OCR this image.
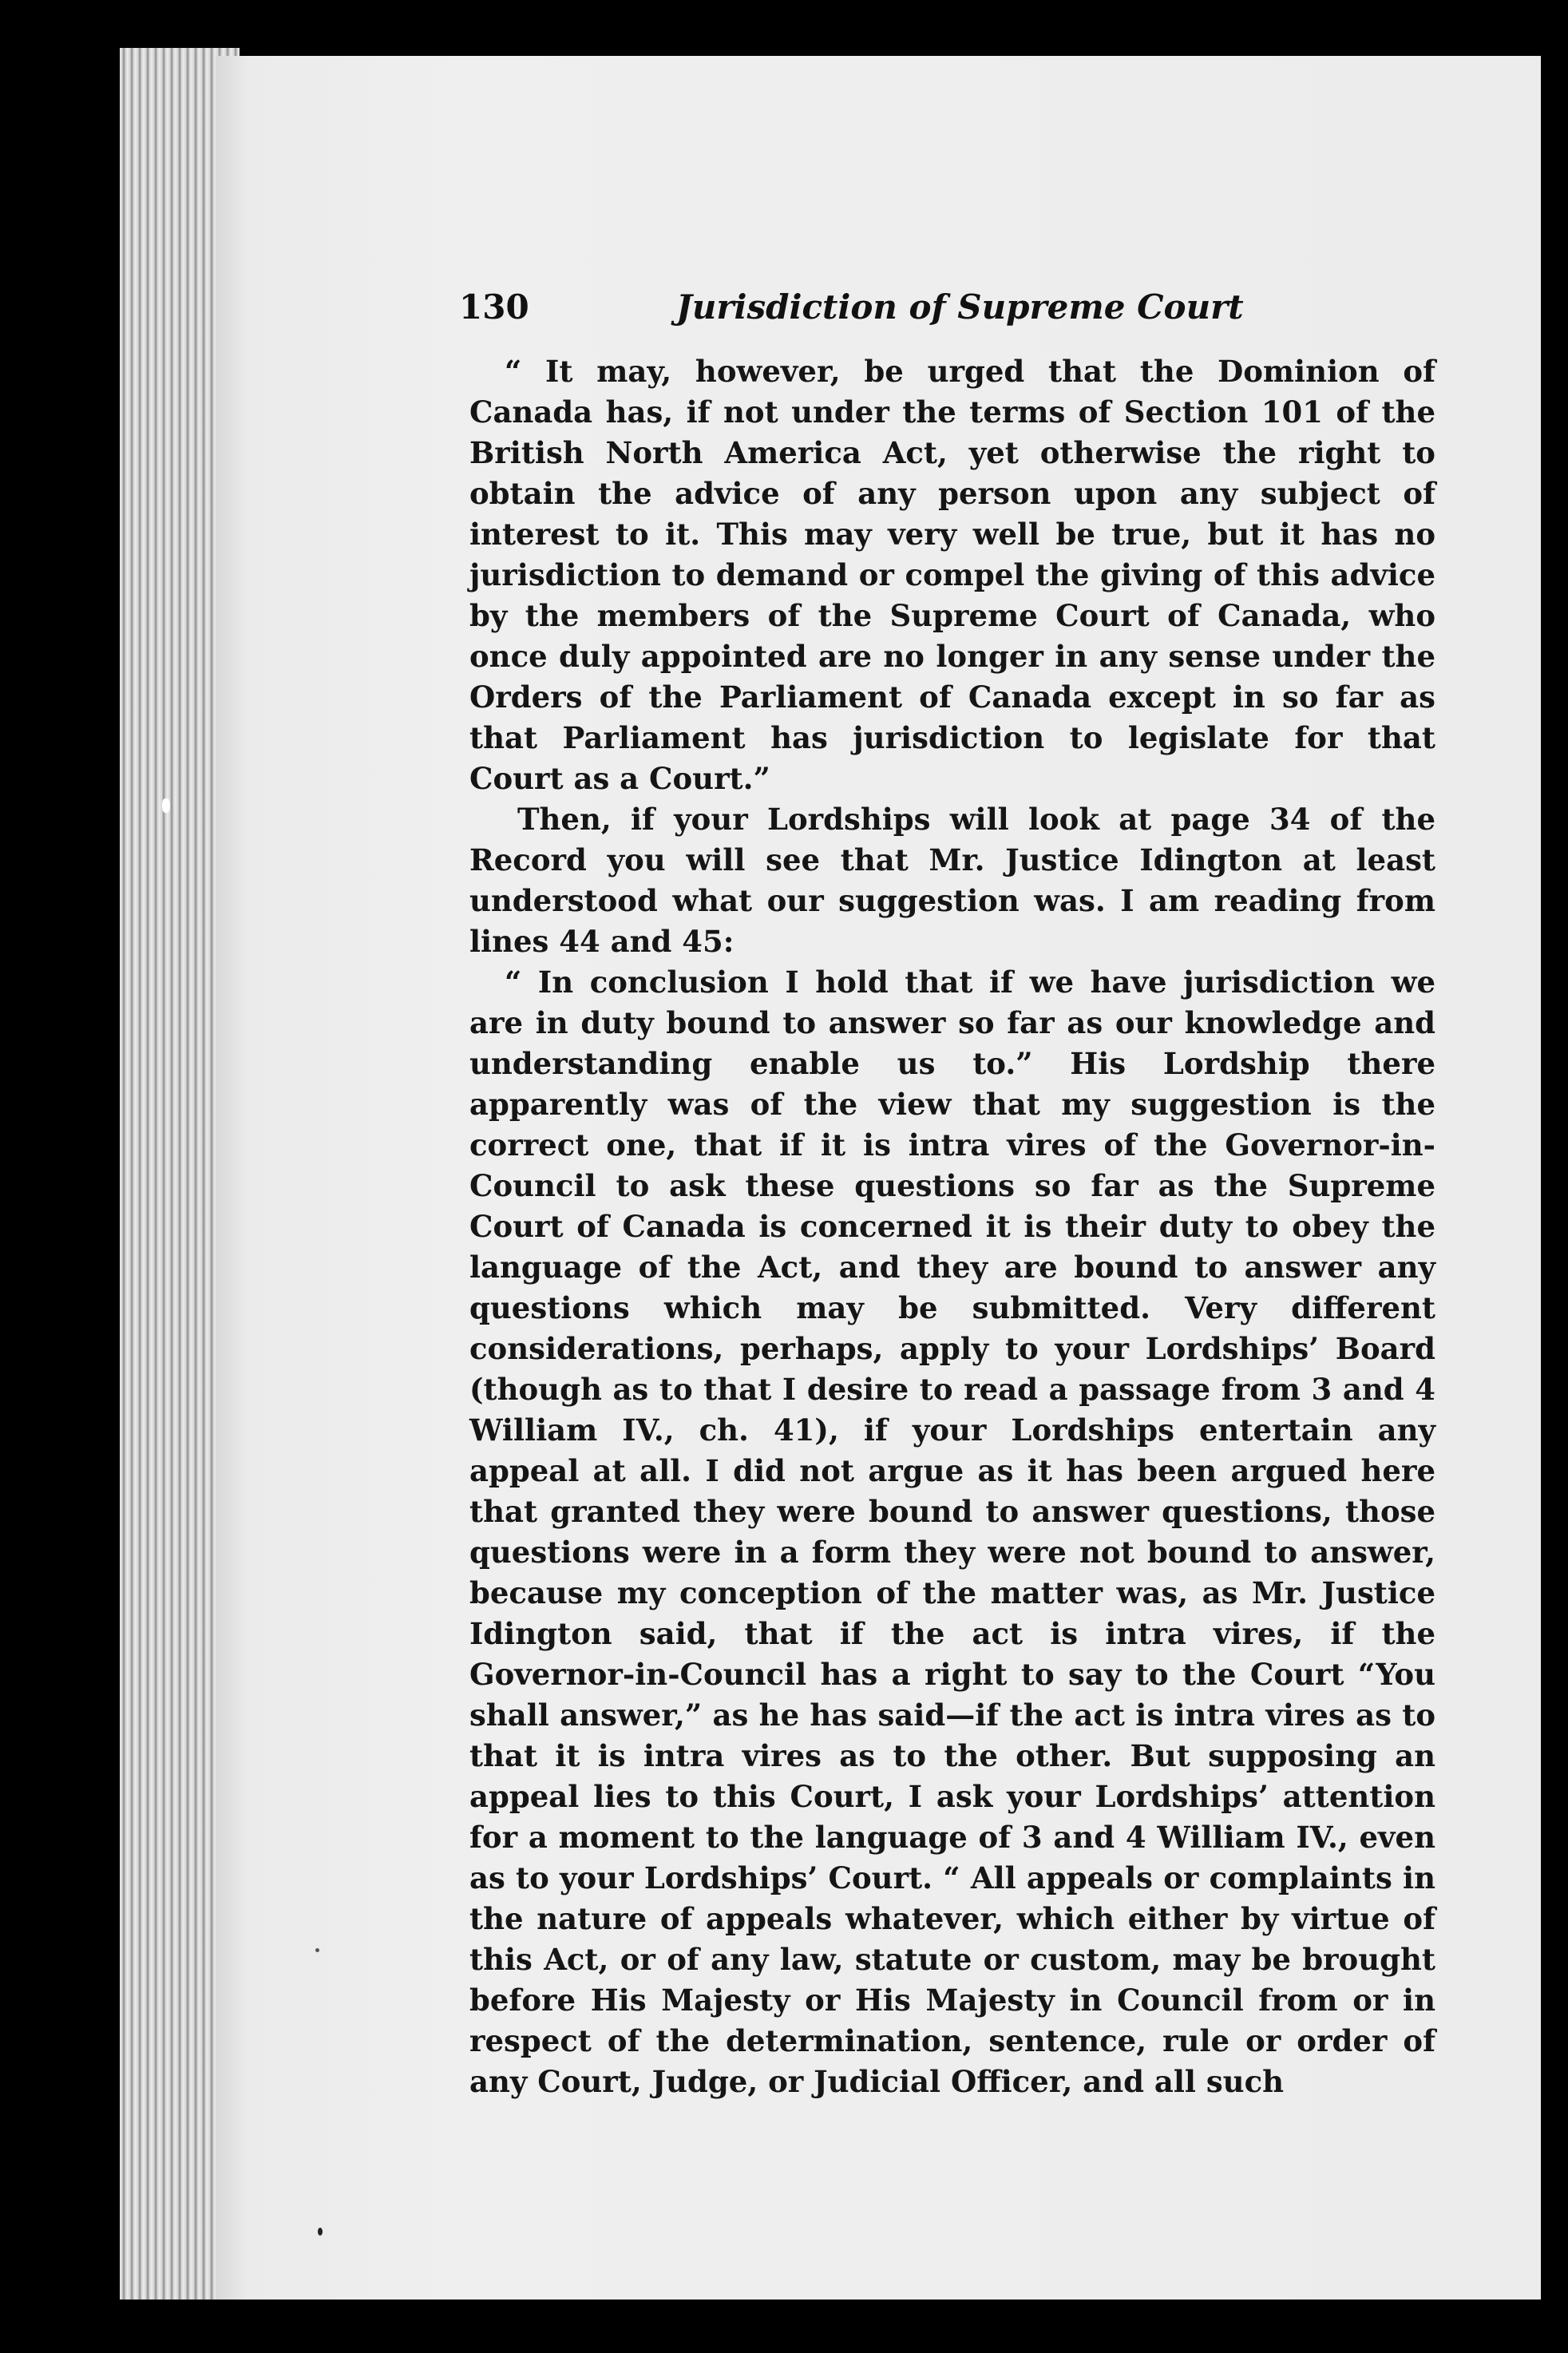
130	Jurisdiction of Supreme Court

“ It may, however, be urged that the Dominion of Canada has, if not under the terms of Section 101 of the British North America Act, yet otherwise the right to obtain the advice of any person upon any subject of interest to it. This may very well be true, but it has no jurisdiction to demand or compel the giving of this advice by the members of the Supreme Court of Canada, who once duly appointed are no longer in any sense under the Orders of the Parliament of Canada except in so far as that Parliament has jurisdiction to legislate for that Court as a Court.”

Then, if your Lordships will look at page 34 of the Record you will see that Mr. Justice Idington at least understood what our suggestion was. I am reading from lines 44 and 45:

“ In conclusion I hold that if we have jurisdiction we are in duty bound to answer so far as our knowledge and understanding enable us to.” His Lordship there apparently was of the view that my suggestion is the correct one, that if it is intra vires of the Governor-in-Council to ask these questions so far as the Supreme Court of Canada is concerned it is their duty to obey the language of the Act, and they are bound to answer any questions which may be submitted. Very different considerations, perhaps, apply to your Lordships’ Board (though as to that I desire to read a passage from 3 and 4 William IV., ch. 41), if your Lordships entertain any appeal at all. I did not argue as it has been argued here that granted they were bound to answer questions, those questions were in a form they were not bound to answer, because my conception of the matter was, as Mr. Justice Idington said, that if the act is intra vires, if the Governor-in-Council has a right to say to the Court “You shall answer,” as he has said—if the act is intra vires as to that it is intra vires as to the other. But supposing an appeal lies to this Court, I ask your Lordships’ attention for a moment to the language of 3 and 4 William IV., even as to your Lordships’ Court. “ All appeals or complaints in the nature of appeals whatever, which either by virtue of this Act, or of any law, statute or custom, may be brought before His Majesty or His Majesty in Council from or in respect of the determination, sentence, rule or order of any Court, Judge, or Judicial Officer, and all such
